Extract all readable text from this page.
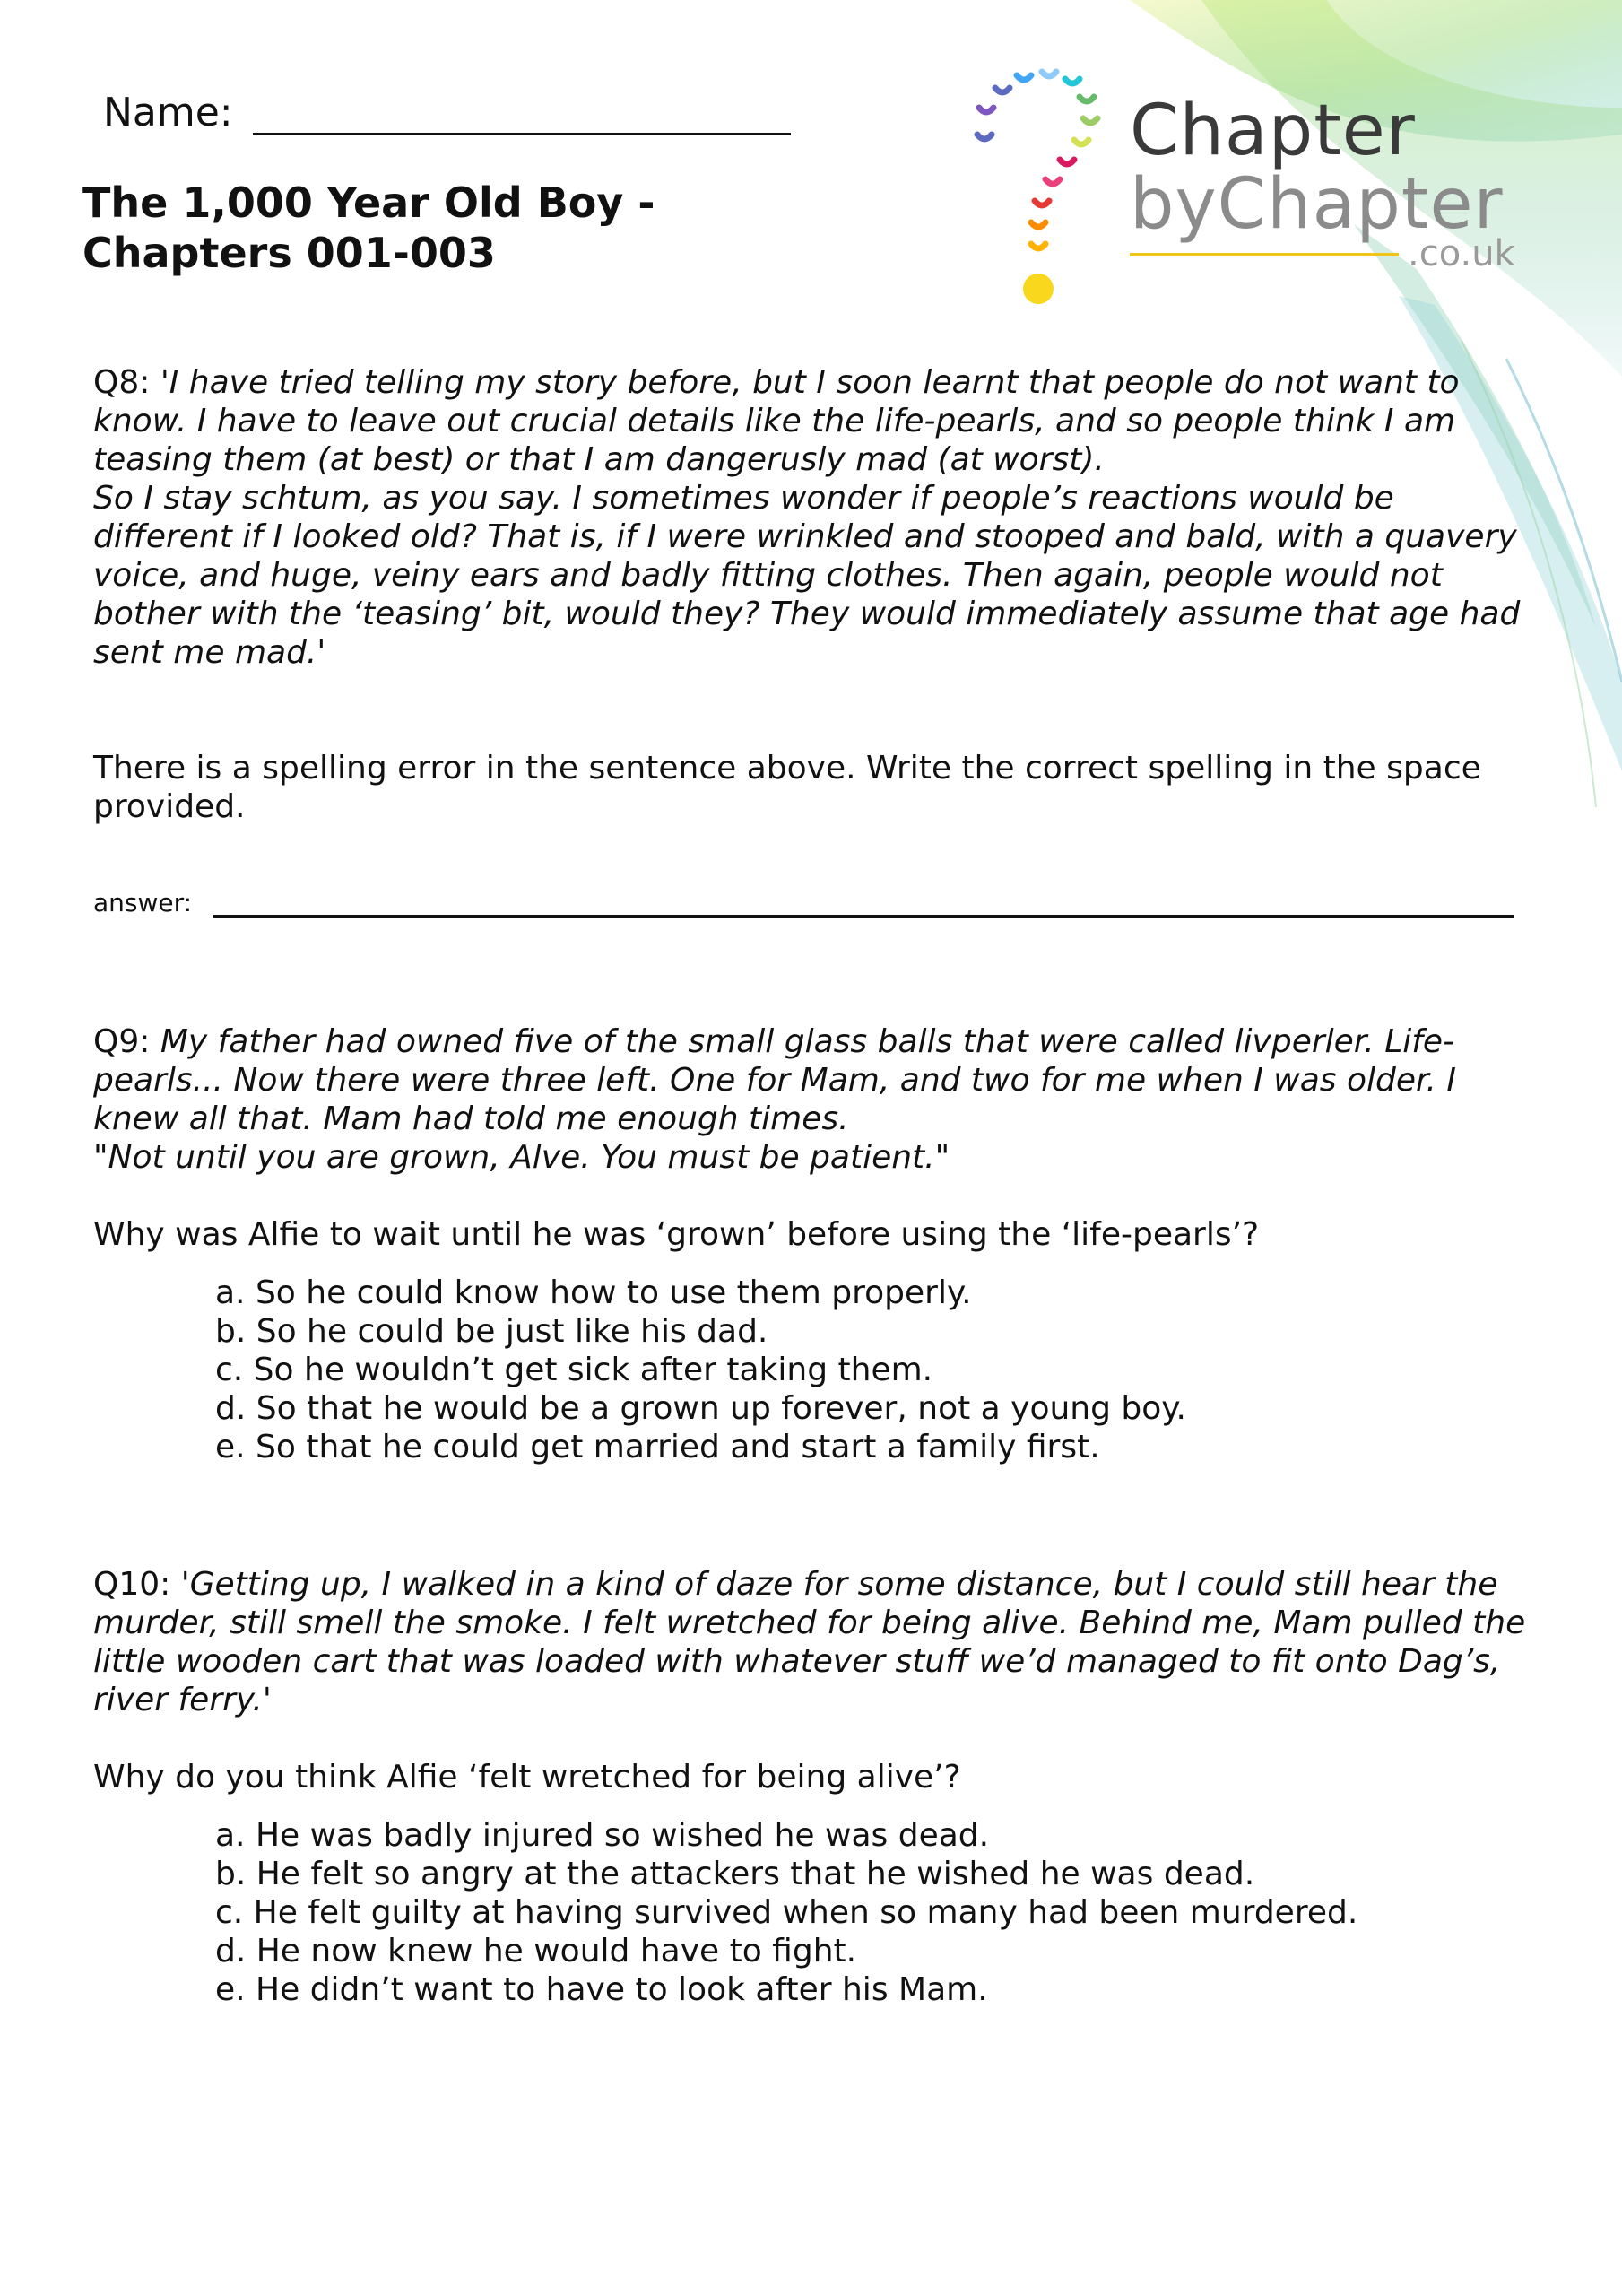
Name:
The 1,000 Year Old Boy -
Chapters 001-003
Chapter
byChapter
.co.uk

Q8: 'I have tried telling my story before, but I soon learnt that people do not want to know. I have to leave out crucial details like the life-pearls, and so people think I am teasing them (at best) or that I am dangerusly mad (at worst).

So I stay schtum, as you say. I sometimes wonder if people’s reactions would be different if I looked old? That is, if I were wrinkled and stooped and bald, with a quavery voice, and huge, veiny ears and badly fitting clothes. Then again, people would not bother with the ‘teasing’ bit, would they? They would immediately assume that age had sent me mad.'

There is a spelling error in the sentence above. Write the correct spelling in the space provided.
answer:

Q9: My father had owned five of the small glass balls that were called livperler. Life-pearls... Now there were three left. One for Mam, and two for me when I was older. I knew all that. Mam had told me enough times.

"Not until you are grown, Alve. You must be patient."

Why was Alfie to wait until he was ‘grown’ before using the ‘life-pearls’?
a. So he could know how to use them properly.
b. So he could be just like his dad.
c. So he wouldn’t get sick after taking them.
d. So that he would be a grown up forever, not a young boy.
e. So that he could get married and start a family first.

Q10: 'Getting up, I walked in a kind of daze for some distance, but I could still hear the murder, still smell the smoke. I felt wretched for being alive. Behind me, Mam pulled the little wooden cart that was loaded with whatever stuff we’d managed to fit onto Dag’s, river ferry.'

Why do you think Alfie ‘felt wretched for being alive’?
a. He was badly injured so wished he was dead.
b. He felt so angry at the attackers that he wished he was dead.
c. He felt guilty at having survived when so many had been murdered.
d. He now knew he would have to fight.
e. He didn’t want to have to look after his Mam.
